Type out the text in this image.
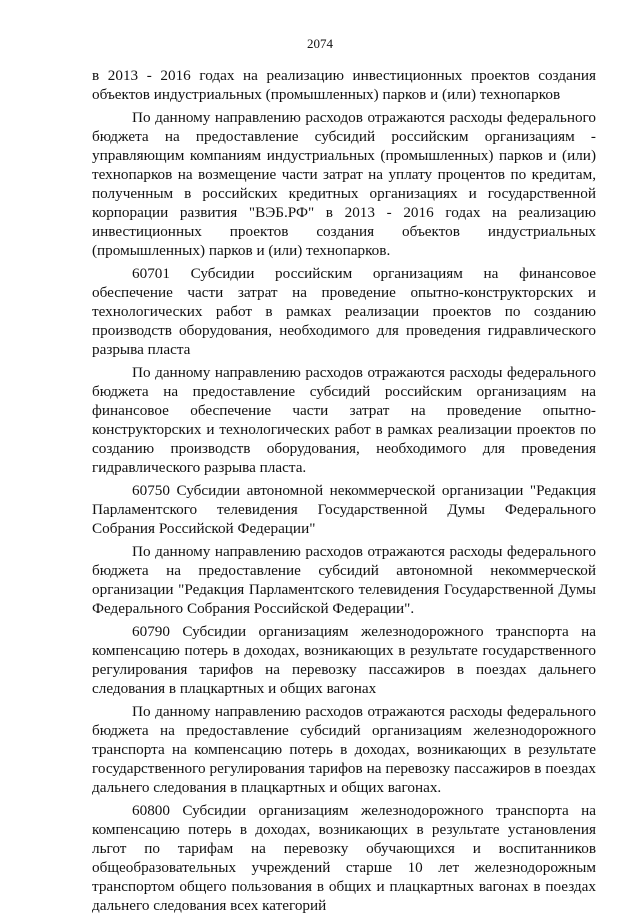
2074

в 2013 - 2016 годах на реализацию инвестиционных проектов создания объектов индустриальных (промышленных) парков и (или) технопарков

По данному направлению расходов отражаются расходы федерального бюджета на предоставление субсидий российским организациям - управляющим компаниям индустриальных (промышленных) парков и (или) технопарков на возмещение части затрат на уплату процентов по кредитам, полученным в российских кредитных организациях и государственной корпорации развития "ВЭБ.РФ" в 2013 - 2016 годах на реализацию инвестиционных проектов создания объектов индустриальных (промышленных) парков и (или) технопарков.

60701 Субсидии российским организациям на финансовое обеспечение части затрат на проведение опытно-конструкторских и технологических работ в рамках реализации проектов по созданию производств оборудования, необходимого для проведения гидравлического разрыва пласта

По данному направлению расходов отражаются расходы федерального бюджета на предоставление субсидий российским организациям на финансовое обеспечение части затрат на проведение опытно-конструкторских и технологических работ в рамках реализации проектов по созданию производств оборудования, необходимого для проведения гидравлического разрыва пласта.

60750 Субсидии автономной некоммерческой организации "Редакция Парламентского телевидения Государственной Думы Федерального Собрания Российской Федерации"

По данному направлению расходов отражаются расходы федерального бюджета на предоставление субсидий автономной некоммерческой организации "Редакция Парламентского телевидения Государственной Думы Федерального Собрания Российской Федерации".

60790 Субсидии организациям железнодорожного транспорта на компенсацию потерь в доходах, возникающих в результате государственного регулирования тарифов на перевозку пассажиров в поездах дальнего следования в плацкартных и общих вагонах

По данному направлению расходов отражаются расходы федерального бюджета на предоставление субсидий организациям железнодорожного транспорта на компенсацию потерь в доходах, возникающих в результате государственного регулирования тарифов на перевозку пассажиров в поездах дальнего следования в плацкартных и общих вагонах.

60800 Субсидии организациям железнодорожного транспорта на компенсацию потерь в доходах, возникающих в результате установления льгот по тарифам на перевозку обучающихся и воспитанников общеобразовательных учреждений старше 10 лет железнодорожным транспортом общего пользования в общих и плацкартных вагонах в поездах дальнего следования всех категорий
